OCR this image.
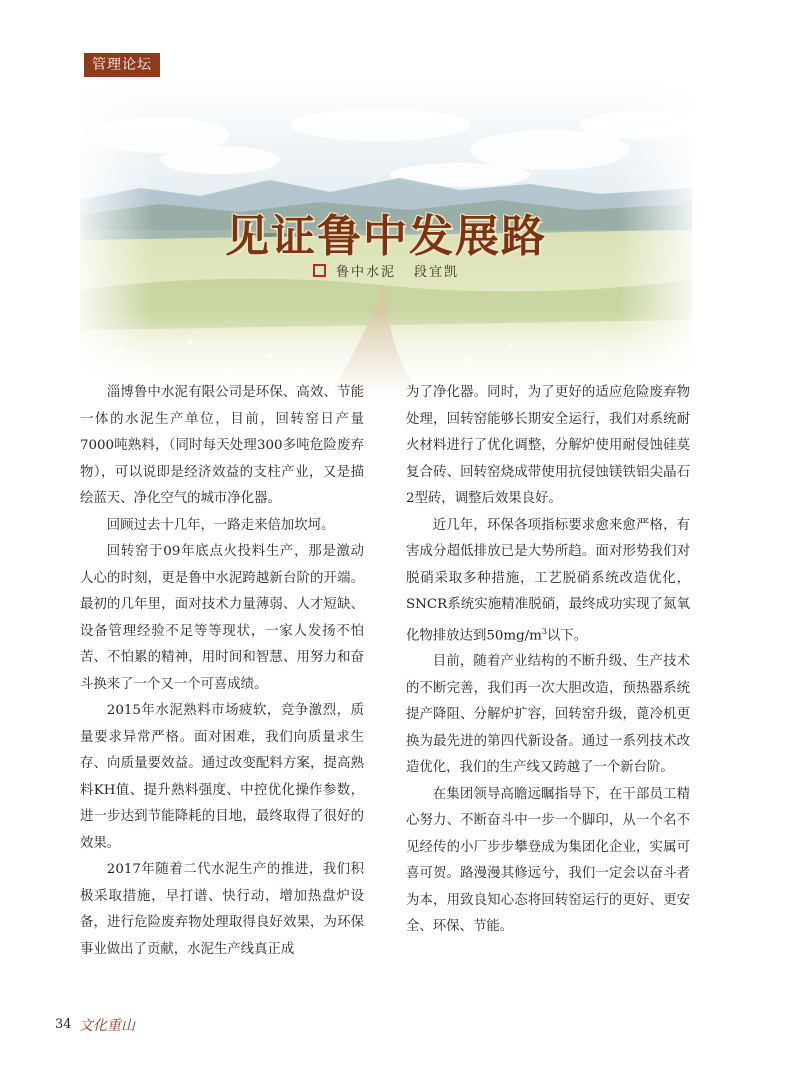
管理论坛
见证鲁中发展路
鲁中水泥 段宜凯

淄博鲁中水泥有限公司是环保、高效、节能一体的水泥生产单位，目前，回转窑日产量7000吨熟料，（同时每天处理300多吨危险废弃物），可以说即是经济效益的支柱产业，又是描绘蓝天、净化空气的城市净化器。

回顾过去十几年，一路走来倍加坎坷。

回转窑于09年底点火投料生产，那是激动人心的时刻，更是鲁中水泥跨越新台阶的开端。最初的几年里，面对技术力量薄弱、人才短缺、设备管理经验不足等等现状，一家人发扬不怕苦、不怕累的精神，用时间和智慧、用努力和奋斗换来了一个又一个可喜成绩。

2015年水泥熟料市场疲软，竞争激烈，质量要求异常严格。面对困难，我们向质量求生存、向质量要效益。通过改变配料方案，提高熟料KH值、提升熟料强度、中控优化操作参数，进一步达到节能降耗的目地，最终取得了很好的效果。

2017年随着二代水泥生产的推进，我们积极采取措施，早打谱、快行动，增加热盘炉设备，进行危险废弃物处理取得良好效果，为环保事业做出了贡献，水泥生产线真正成

为了净化器。同时，为了更好的适应危险废弃物处理，回转窑能够长期安全运行，我们对系统耐火材料进行了优化调整，分解炉使用耐侵蚀硅莫复合砖、回转窑烧成带使用抗侵蚀镁铁铝尖晶石2型砖，调整后效果良好。

近几年，环保各项指标要求愈来愈严格，有害成分超低排放已是大势所趋。面对形势我们对脱硝采取多种措施，工艺脱硝系统改造优化，SNCR系统实施精准脱硝，最终成功实现了氮氧化物排放达到$50mg/m^3$以下。

目前，随着产业结构的不断升级、生产技术的不断完善，我们再一次大胆改造，预热器系统提产降阻、分解炉扩容，回转窑升级，蓖冷机更换为最先进的第四代新设备。通过一系列技术改造优化，我们的生产线又跨越了一个新台阶。

在集团领导高瞻远瞩指导下，在干部员工精心努力、不断奋斗中一步一个脚印，从一个名不见经传的小厂步步攀登成为集团化企业，实属可喜可贺。路漫漫其修远兮，我们一定会以奋斗者为本，用致良知心态将回转窑运行的更好、更安全、环保、节能。

34 文化重山
